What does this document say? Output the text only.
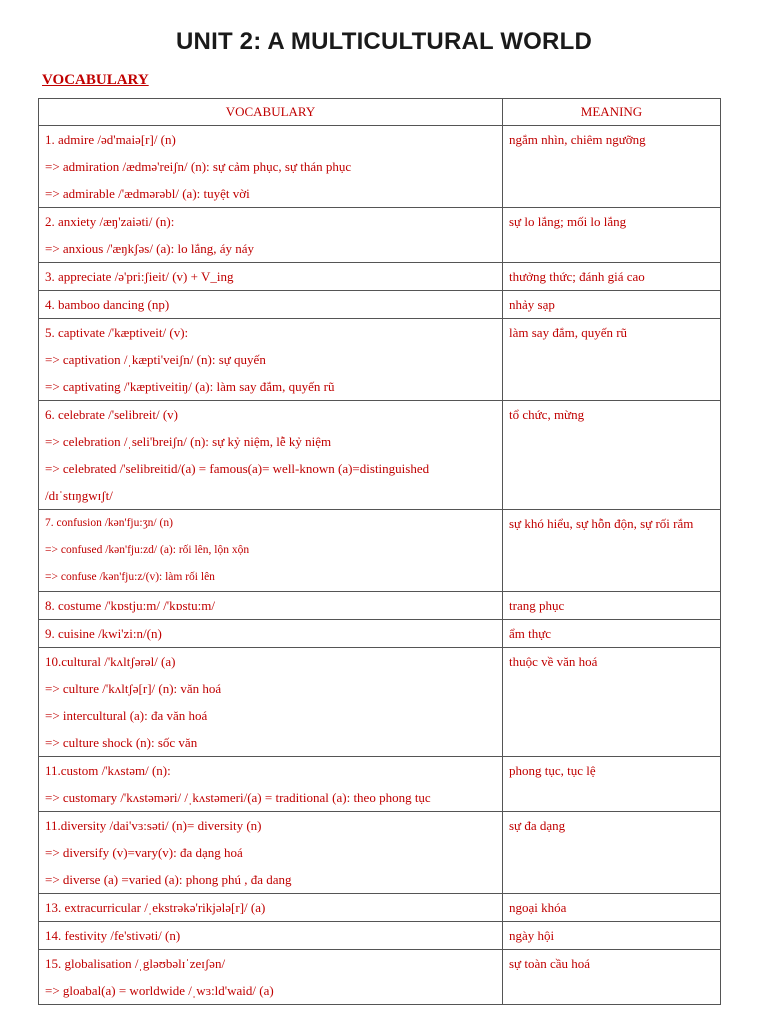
UNIT 2: A MULTICULTURAL WORLD
VOCABULARY
VOCABULARY	MEANING

1. admire /əd'maiə[r]/ (n)
=> admiration /ædmə'reiʃn/ (n): sự cảm phục, sự thán phục
=> admirable /'ædmərəbl/ (a): tuyệt vời	ngắm nhìn, chiêm ngưỡng

2. anxiety /æŋ'zaiəti/ (n):
=> anxious /'æŋkʃəs/ (a): lo lắng, áy náy	sự lo lắng; mối lo lắng

3. appreciate /ə'pri:ʃieit/ (v) + V_ing	thưởng thức; đánh giá cao

4. bamboo dancing (np)	nhảy sạp

5. captivate /'kæptiveit/ (v):
=> captivation /ˌkæpti'veiʃn/ (n): sự quyến
=> captivating /'kæptiveitiŋ/ (a): làm say đắm, quyến rũ	làm say đắm, quyến rũ

6. celebrate /'selibreit/ (v)
=> celebration /ˌseli'breiʃn/ (n): sự kỷ niệm, lễ kỷ niệm
=> celebrated /'selibreitid/(a) = famous(a)= well-known (a)=distinguished
/dɪˈstɪŋgwɪʃt/	tổ chức, mừng

7. confusion /kən'fju:ʒn/ (n)
=> confused /kən'fju:zd/ (a): rối lên, lộn xộn
=> confuse /kən'fju:z/(v): làm rối lên	sự khó hiểu, sự hỗn độn, sự rối rắm

8. costume /'kɒstju:m/ /'kɒstu:m/	trang phục

9. cuisine /kwi'zi:n/(n)	ẩm thực

10.cultural /'kʌltʃərəl/ (a)
=> culture /'kʌltʃə[r]/ (n): văn hoá
=> intercultural (a): đa văn hoá
=> culture shock (n): sốc văn	thuộc về văn hoá

11.custom /'kʌstəm/ (n):
=> customary /'kʌstəməri/ /ˌkʌstəmeri/(a) = traditional (a): theo phong tục	phong tục, tục lệ

11.diversity /dai'vɜ:səti/ (n)= diversity (n)
=> diversify (v)=vary(v): đa dạng hoá
=> diverse (a) =varied (a): phong phú , đa dang	sự đa dạng

13. extracurricular /ˌekstrəkə'rikjələ[r]/ (a)	ngoại khóa

14. festivity /fe'stivəti/ (n)	ngày hội

15. globalisation /ˌgləʊbəlɪˈzeɪʃən/
=> gloabal(a) = worldwide /ˌwɜ:ld'waid/ (a)	sự toàn cầu hoá
